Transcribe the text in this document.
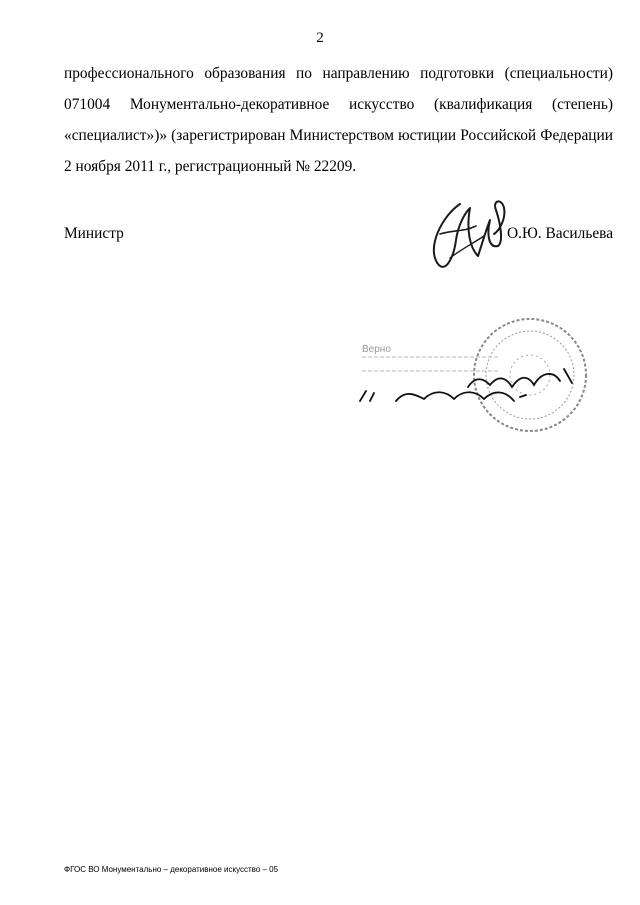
2
профессионального образования по направлению подготовки (специальности)
071004 Монументально-декоративное искусство (квалификация (степень)
«специалист»)» (зарегистрирован Министерством юстиции Российской Федерации
2 ноября 2011 г., регистрационный № 22209.
Министр	О.Ю. Васильева
Верно
ФГОС ВО Монументально – декоративное искусство – 05
